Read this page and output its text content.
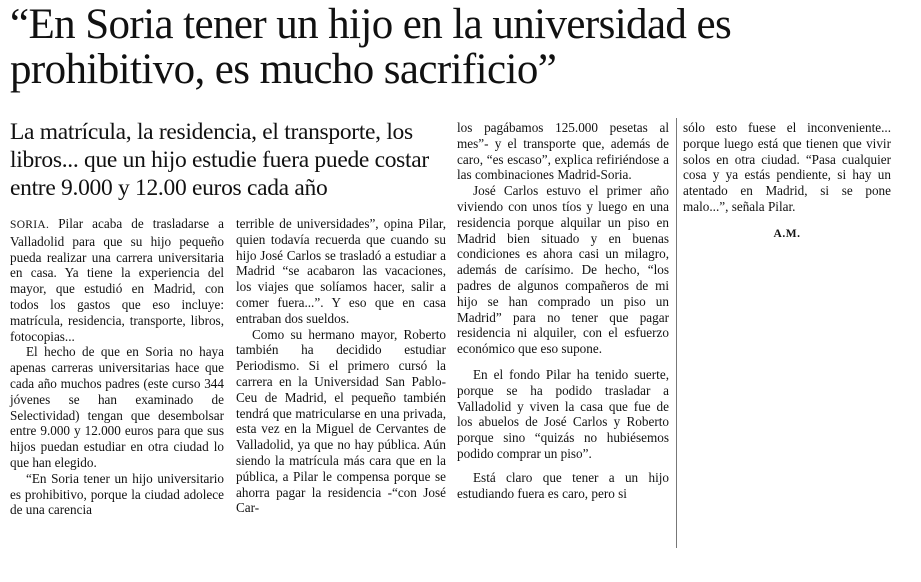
“En Soria tener un hijo en la universidad es prohibitivo, es mucho sacrificio”
La matrícula, la residencia, el transporte, los libros... que un hijo estudie fuera puede costar entre 9.000 y 12.00 euros cada año

SORIA. Pilar acaba de trasladarse a Valladolid para que su hijo pequeño pueda realizar una carrera universitaria en casa. Ya tiene la experiencia del mayor, que estudió en Madrid, con todos los gastos que eso incluye: matrícula, residencia, transporte, libros, fotocopias...

El hecho de que en Soria no haya apenas carreras universitarias hace que cada año muchos padres (este curso 344 jóvenes se han examinado de Selectividad) tengan que desembolsar entre 9.000 y 12.000 euros para que sus hijos puedan estudiar en otra ciudad lo que han elegido.

“En Soria tener un hijo universitario es prohibitivo, porque la ciudad adolece de una carencia

terrible de universidades”, opina Pilar, quien todavía recuerda que cuando su hijo José Carlos se trasladó a estudiar a Madrid “se acabaron las vacaciones, los viajes que solíamos hacer, salir a comer fuera...”. Y eso que en casa entraban dos sueldos.

Como su hermano mayor, Roberto también ha decidido estudiar Periodismo. Si el primero cursó la carrera en la Universidad San Pablo-Ceu de Madrid, el pequeño también tendrá que matricularse en una privada, esta vez en la Miguel de Cervantes de Valladolid, ya que no hay pública. Aún siendo la matrícula más cara que en la pública, a Pilar le compensa porque se ahorra pagar la residencia -“con José Car-

los pagábamos 125.000 pesetas al mes”- y el transporte que, además de caro, “es escaso”, explica refiriéndose a las combinaciones Madrid-Soria.

José Carlos estuvo el primer año viviendo con unos tíos y luego en una residencia porque alquilar un piso en Madrid bien situado y en buenas condiciones es ahora casi un milagro, además de carísimo. De hecho, “los padres de algunos compañeros de mi hijo se han comprado un piso un Madrid” para no tener que pagar residencia ni alquiler, con el esfuerzo económico que eso supone.

En el fondo Pilar ha tenido suerte, porque se ha podido trasladar a Valladolid y viven la casa que fue de los abuelos de José Carlos y Roberto porque sino “quizás no hubiésemos podido comprar un piso”.

Está claro que tener a un hijo estudiando fuera es caro, pero si

sólo esto fuese el inconveniente... porque luego está que tienen que vivir solos en otra ciudad. “Pasa cualquier cosa y ya estás pendiente, si hay un atentado en Madrid, si se pone malo...”, señala Pilar.

A.M.
